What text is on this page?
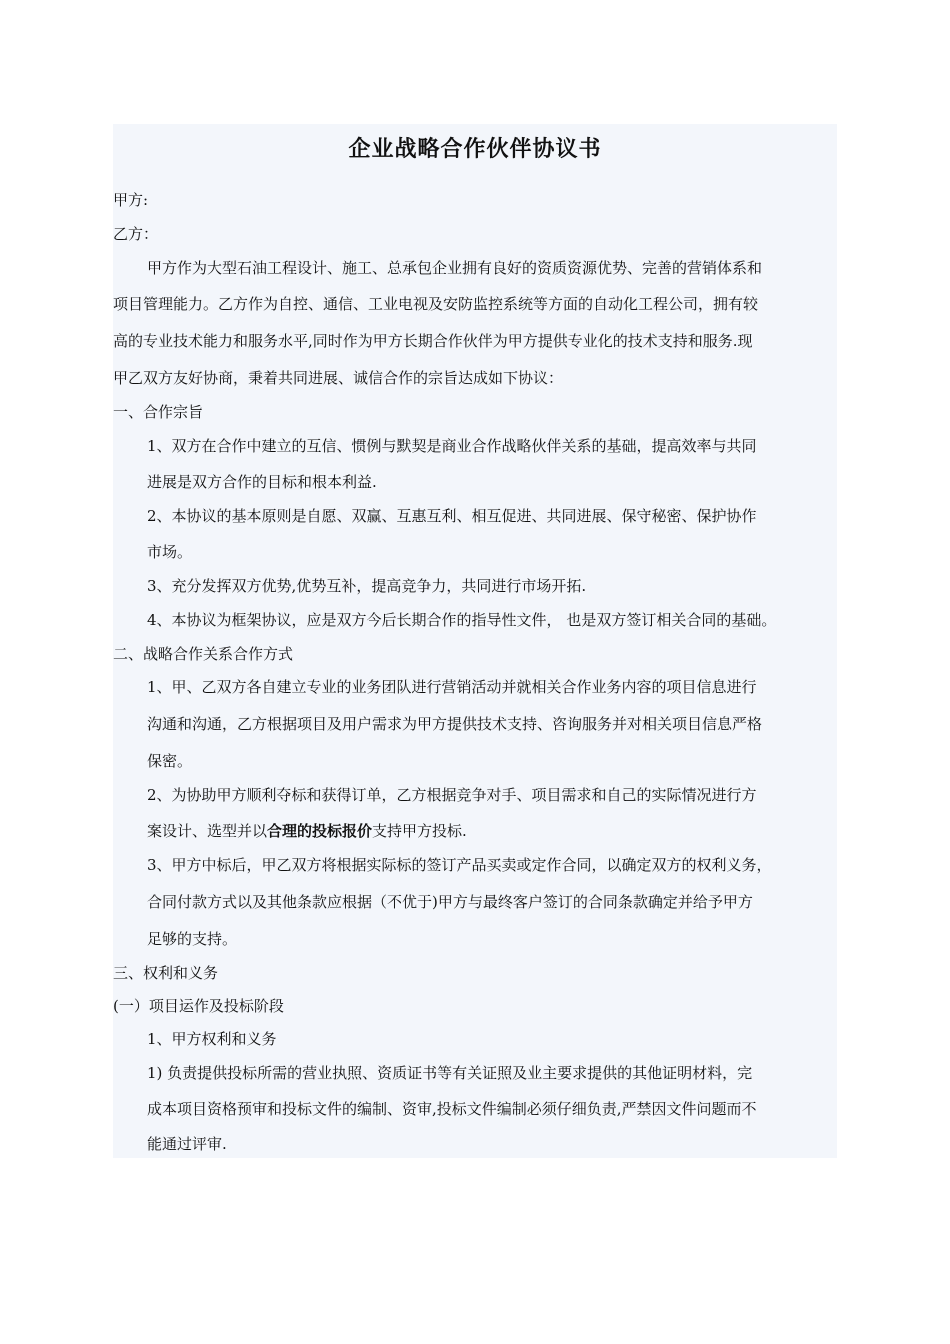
企业战略合作伙伴协议书
甲方:
乙方：
甲方作为大型石油工程设计、施工、总承包企业拥有良好的资质资源优势、完善的营销体系和
项目管理能力。乙方作为自控、通信、工业电视及安防监控系统等方面的自动化工程公司，拥有较
高的专业技术能力和服务水平,同时作为甲方长期合作伙伴为甲方提供专业化的技术支持和服务.现
甲乙双方友好协商，秉着共同进展、诚信合作的宗旨达成如下协议：
一、合作宗旨
1、双方在合作中建立的互信、惯例与默契是商业合作战略伙伴关系的基础，提高效率与共同
进展是双方合作的目标和根本利益.
2、本协议的基本原则是自愿、双赢、互惠互利、相互促进、共同进展、保守秘密、保护协作
市场。
3、充分发挥双方优势,优势互补，提高竞争力，共同进行市场开拓.
4、本协议为框架协议，应是双方今后长期合作的指导性文件， 也是双方签订相关合同的基础。
二、战略合作关系合作方式
1、甲、乙双方各自建立专业的业务团队进行营销活动并就相关合作业务内容的项目信息进行
沟通和沟通，乙方根据项目及用户需求为甲方提供技术支持、咨询服务并对相关项目信息严格
保密。
2、为协助甲方顺利夺标和获得订单，乙方根据竞争对手、项目需求和自己的实际情况进行方
案设计、选型并以合理的投标报价支持甲方投标.
3、甲方中标后，甲乙双方将根据实际标的签订产品买卖或定作合同，以确定双方的权利义务，
合同付款方式以及其他条款应根据（不优于)甲方与最终客户签订的合同条款确定并给予甲方
足够的支持。
三、权利和义务
(一）项目运作及投标阶段
1、甲方权利和义务
1) 负责提供投标所需的营业执照、资质证书等有关证照及业主要求提供的其他证明材料，完
成本项目资格预审和投标文件的编制、资审,投标文件编制必须仔细负责,严禁因文件问题而不
能通过评审.
